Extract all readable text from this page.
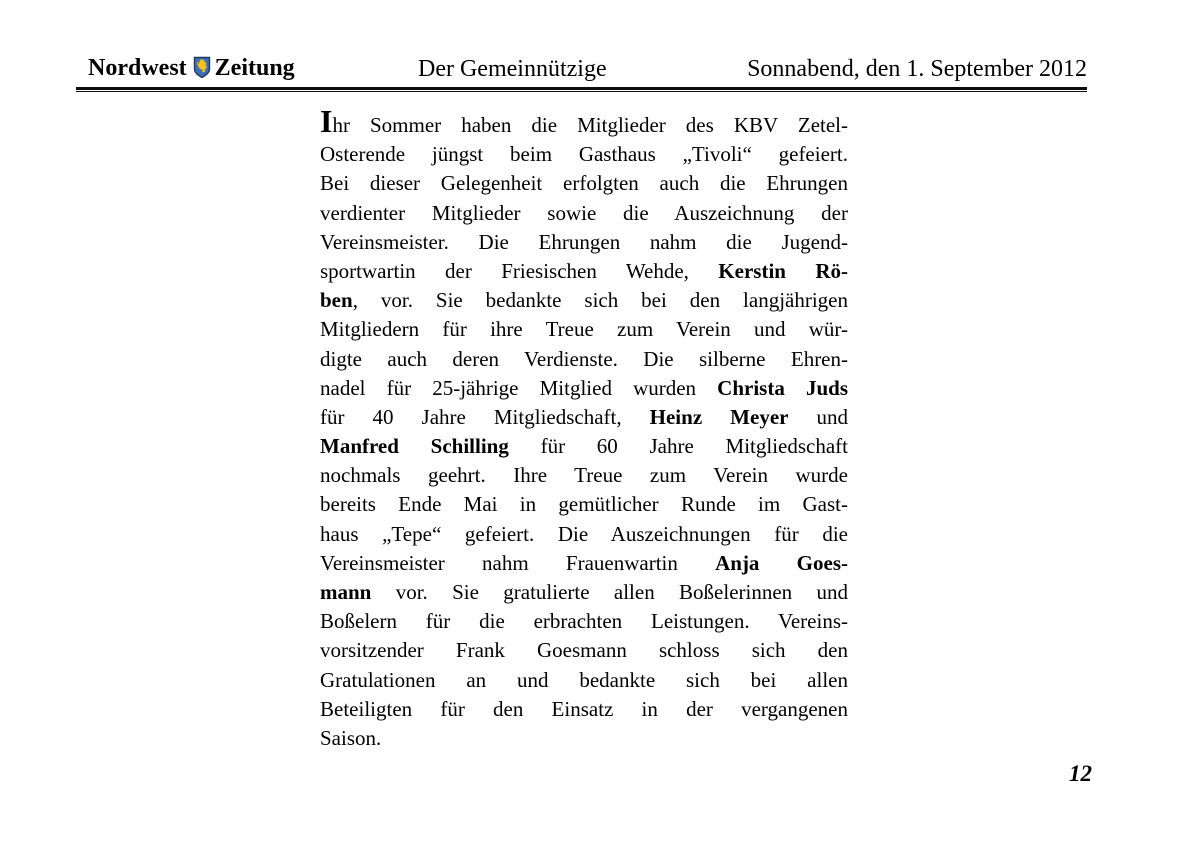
Nordwest Zeitung	Der Gemeinnützige	Sonnabend, den 1. September 2012
Ihr Sommer haben die Mitglieder des KBV Zetel-
Osterende jüngst beim Gasthaus „Tivoli“ gefeiert.
Bei dieser Gelegenheit erfolgten auch die Ehrungen
verdienter Mitglieder sowie die Auszeichnung der
Vereinsmeister. Die Ehrungen nahm die Jugend-
sportwartin der Friesischen Wehde, Kerstin Rö-
ben, vor. Sie bedankte sich bei den langjährigen
Mitgliedern für ihre Treue zum Verein und wür-
digte auch deren Verdienste. Die silberne Ehren-
nadel für 25-jährige Mitglied wurden Christa Juds
für 40 Jahre Mitgliedschaft, Heinz Meyer und
Manfred Schilling für 60 Jahre Mitgliedschaft
nochmals geehrt. Ihre Treue zum Verein wurde
bereits Ende Mai in gemütlicher Runde im Gast-
haus „Tepe“ gefeiert. Die Auszeichnungen für die
Vereinsmeister nahm Frauenwartin Anja Goes-
mann vor. Sie gratulierte allen Boßelerinnen und
Boßelern für die erbrachten Leistungen. Vereins-
vorsitzender Frank Goesmann schloss sich den
Gratulationen an und bedankte sich bei allen
Beteiligten für den Einsatz in der vergangenen
Saison.
12
